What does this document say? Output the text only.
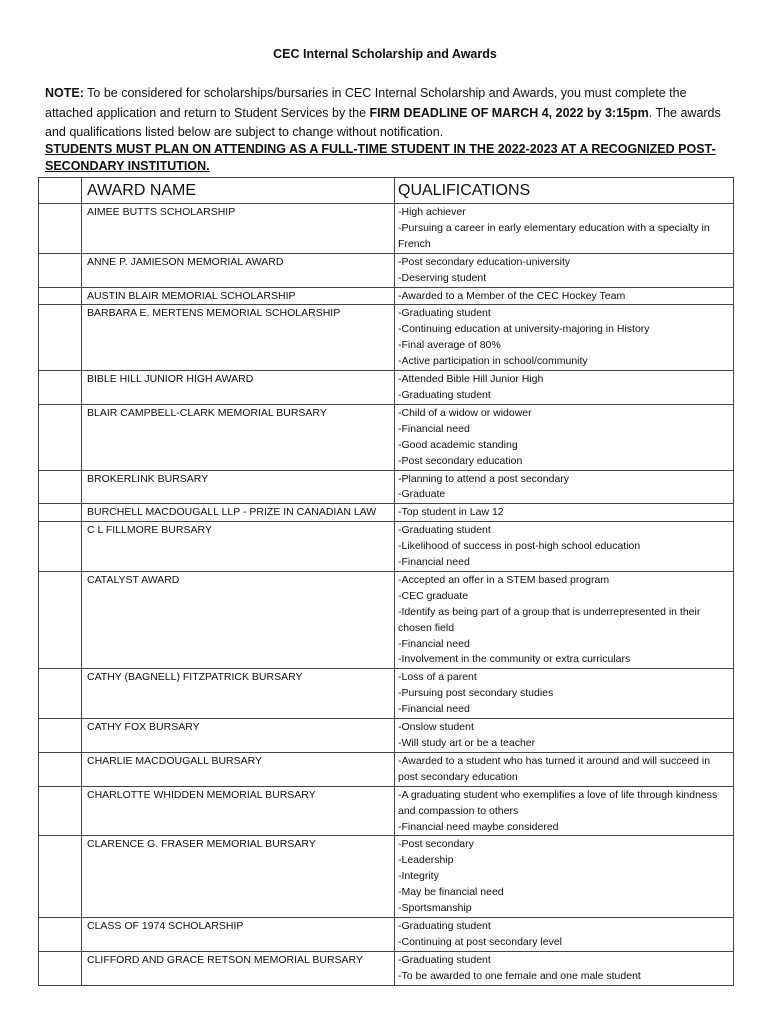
CEC Internal Scholarship and Awards
NOTE: To be considered for scholarships/bursaries in CEC Internal Scholarship and Awards, you must complete the attached application and return to Student Services by the FIRM DEADLINE OF MARCH 4, 2022 by 3:15pm. The awards and qualifications listed below are subject to change without notification.
STUDENTS MUST PLAN ON ATTENDING AS A FULL-TIME STUDENT IN THE 2022-2023 AT A RECOGNIZED POST-SECONDARY INSTITUTION.
	AWARD NAME	QUALIFICATIONS
	AIMEE BUTTS SCHOLARSHIP	-High achiever
-Pursuing a career in early elementary education with a specialty in French

	ANNE P. JAMIESON MEMORIAL AWARD	-Post secondary education-university
-Deserving student

	AUSTIN BLAIR MEMORIAL SCHOLARSHIP	-Awarded to a Member of the CEC Hockey Team

	BARBARA E. MERTENS MEMORIAL SCHOLARSHIP	-Graduating student
-Continuing education at university-majoring in History
-Final average of 80%
-Active participation in school/community

	BIBLE HILL JUNIOR HIGH AWARD	-Attended Bible Hill Junior High
-Graduating student

	BLAIR CAMPBELL-CLARK MEMORIAL BURSARY	-Child of a widow or widower
-Financial need
-Good academic standing
-Post secondary education

	BROKERLINK BURSARY	-Planning to attend a post secondary
-Graduate

	BURCHELL MACDOUGALL LLP - PRIZE IN CANADIAN LAW	-Top student in Law 12

	C L FILLMORE BURSARY	-Graduating student
-Likelihood of success in post-high school education
-Financial need

	CATALYST AWARD	-Accepted an offer in a STEM based program
-CEC graduate
-Identify as being part of a group that is underrepresented in their chosen field
-Financial need
-Involvement in the community or extra curriculars

	CATHY (BAGNELL) FITZPATRICK BURSARY	-Loss of a parent
-Pursuing post secondary studies
-Financial need

	CATHY FOX BURSARY	-Onslow student
-Will study art or be a teacher

	CHARLIE MACDOUGALL BURSARY	-Awarded to a student who has turned it around and will succeed in post secondary education

	CHARLOTTE WHIDDEN MEMORIAL BURSARY	-A graduating student who exemplifies a love of life through kindness and compassion to others
-Financial need maybe considered

	CLARENCE G. FRASER MEMORIAL BURSARY	-Post secondary
-Leadership
-Integrity
-May be financial need
-Sportsmanship

	CLASS OF 1974 SCHOLARSHIP	-Graduating student
-Continuing at post secondary level

	CLIFFORD AND GRACE RETSON MEMORIAL BURSARY	-Graduating student
-To be awarded to one female and one male student
